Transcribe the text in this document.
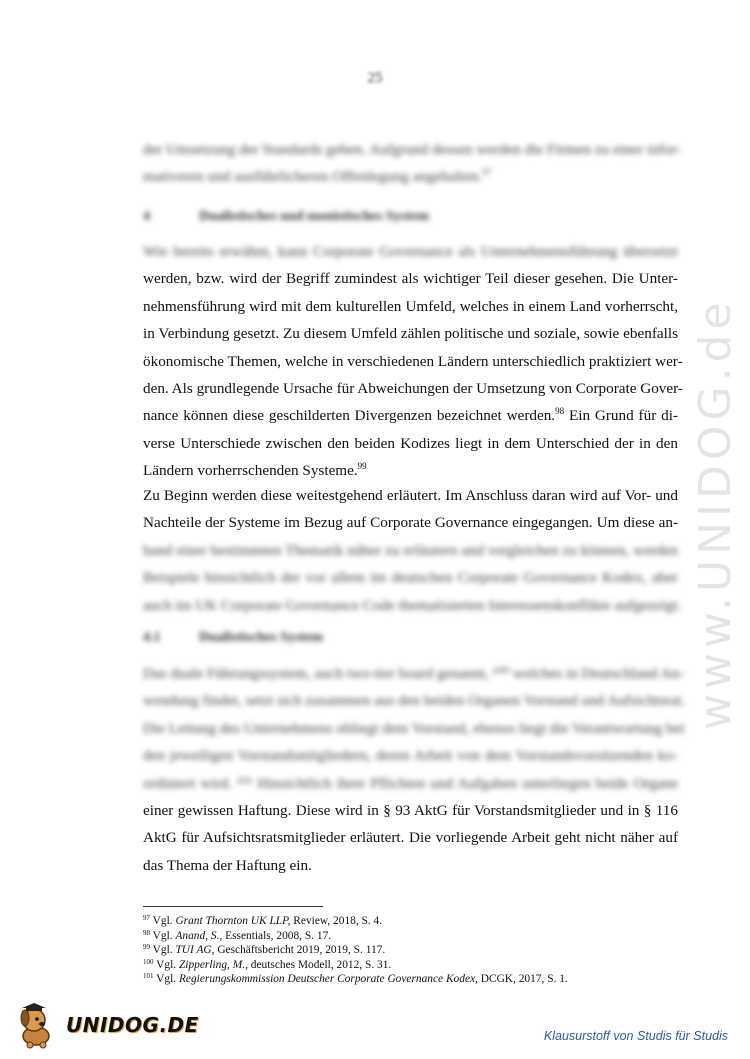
25
www.UNIDOG.de
der Umsetzung der Standards geben. Aufgrund dessen werden die Firmen zu einer infor-
mativeren und ausführlicheren Offenlegung angehalten.$^{97}$
4	Dualistisches und monistisches System
Wie bereits erwähnt, kann Corporate Governance als Unternehmensführung übersetzt
werden, bzw. wird der Begriff zumindest als wichtiger Teil dieser gesehen. Die Unter-
nehmensführung wird mit dem kulturellen Umfeld, welches in einem Land vorherrscht,
in Verbindung gesetzt. Zu diesem Umfeld zählen politische und soziale, sowie ebenfalls
ökonomische Themen, welche in verschiedenen Ländern unterschiedlich praktiziert wer-
den. Als grundlegende Ursache für Abweichungen der Umsetzung von Corporate Gover-
nance können diese geschilderten Divergenzen bezeichnet werden.$^{98}$ Ein Grund für di-
verse Unterschiede zwischen den beiden Kodizes liegt in dem Unterschied der in den
Ländern vorherrschenden Systeme.$^{99}$
Zu Beginn werden diese weitestgehend erläutert. Im Anschluss daran wird auf Vor- und
Nachteile der Systeme im Bezug auf Corporate Governance eingegangen. Um diese an-
hand einer bestimmten Thematik näher zu erläutern und vergleichen zu können, werden
Beispiele hinsichtlich der vor allem im deutschen Corporate Governance Kodex, aber
auch im UK Corporate Governance Code thematisierten Interessenskonflikte aufgezeigt.
4.1	Dualistisches System
Das duale Führungssystem, auch two-tier board genannt, ¹⁰⁰ welches in Deutschland An-
wendung findet, setzt sich zusammen aus den beiden Organen Vorstand und Aufsichtsrat.
Die Leitung des Unternehmens obliegt dem Vorstand, ebenso liegt die Verantwortung bei
den jeweiligen Vorstandsmitgliedern, deren Arbeit von dem Vorstandsvorsitzenden ko-
ordiniert wird. ¹⁰¹ Hinsichtlich ihrer Pflichten und Aufgaben unterliegen beide Organe
einer gewissen Haftung. Diese wird in § 93 AktG für Vorstandsmitglieder und in § 116
AktG für Aufsichtsratsmitglieder erläutert. Die vorliegende Arbeit geht nicht näher auf
das Thema der Haftung ein.
$^{97}$ Vgl. Grant Thornton UK LLP, Review, 2018, S. 4.
$^{98}$ Vgl. Anand, S., Essentials, 2008, S. 17.
$^{99}$ Vgl. TUI AG, Geschäftsbericht 2019, 2019, S. 117.
$^{100}$ Vgl. Zipperling, M., deutsches Modell, 2012, S. 31.
$^{101}$ Vgl. Regierungskommission Deutscher Corporate Governance Kodex, DCGK, 2017, S. 1.
UNIDOG.DE	Klausurstoff von Studis für Studis
